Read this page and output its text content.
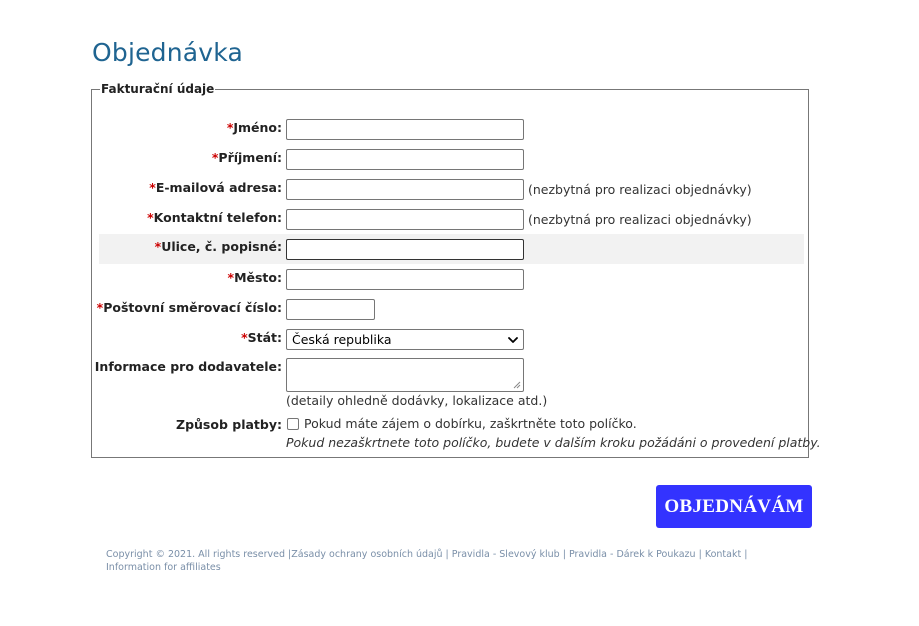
Objednávka
Fakturační údaje
*Jméno:
*Příjmení:
*E-mailová adresa:	(nezbytná pro realizaci objednávky)
*Kontaktní telefon:	(nezbytná pro realizaci objednávky)
*Ulice, č. popisné:
*Město:
*Poštovní směrovací číslo:
*Stát: Česká republika
Informace pro dodavatele:
(detaily ohledně dodávky, lokalizace atd.)
Způsob platby: Pokud máte zájem o dobírku, zaškrtněte toto políčko.
Pokud nezaškrtnete toto políčko, budete v dalším kroku požádáni o provedení platby.
OBJEDNÁVÁM
Copyright © 2021. All rights reserved |Zásady ochrany osobních údajů | Pravidla - Slevový klub | Pravidla - Dárek k Poukazu | Kontakt |
Information for affiliates
